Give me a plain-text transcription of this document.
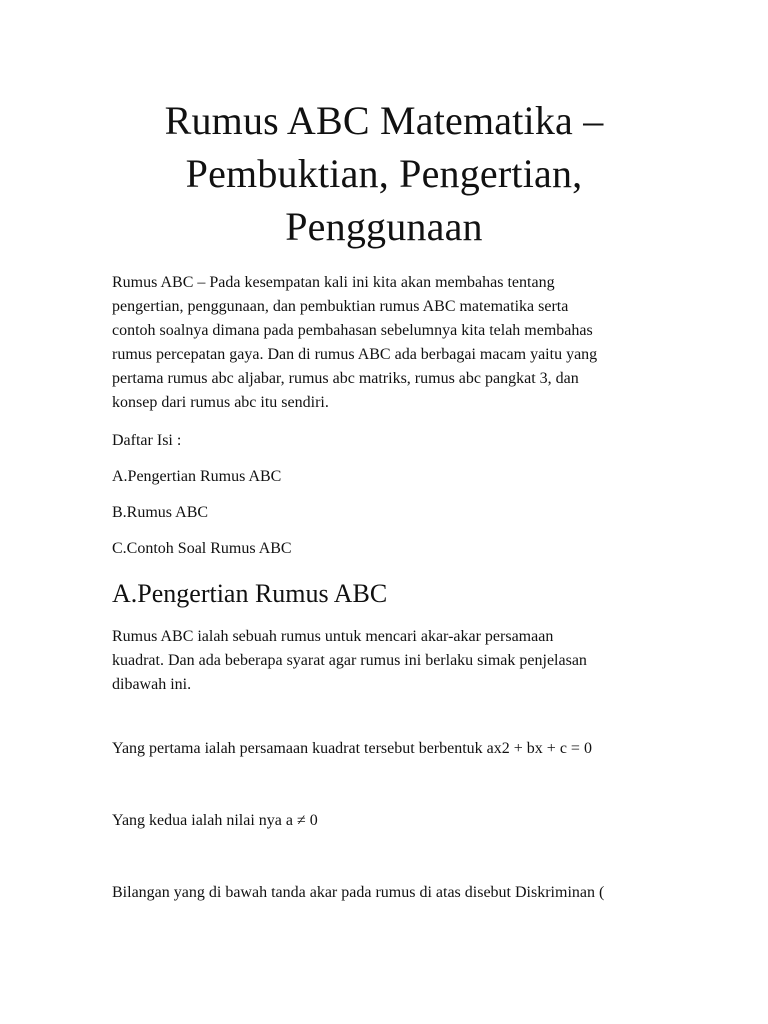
Rumus ABC Matematika –
Pembuktian, Pengertian,
Penggunaan

Rumus ABC – Pada kesempatan kali ini kita akan membahas tentang
pengertian, penggunaan, dan pembuktian rumus ABC matematika serta
contoh soalnya dimana pada pembahasan sebelumnya kita telah membahas
rumus percepatan gaya. Dan di rumus ABC ada berbagai macam yaitu yang
pertama rumus abc aljabar, rumus abc matriks, rumus abc pangkat 3, dan
konsep dari rumus abc itu sendiri.

Daftar Isi :

A.Pengertian Rumus ABC
B.Rumus ABC
C.Contoh Soal Rumus ABC
A.Pengertian Rumus ABC

Rumus ABC ialah sebuah rumus untuk mencari akar-akar persamaan
kuadrat. Dan ada beberapa syarat agar rumus ini berlaku simak penjelasan
dibawah ini.

Yang pertama ialah persamaan kuadrat tersebut berbentuk ax2 + bx + c = 0

Yang kedua ialah nilai nya a ≠ 0

Bilangan yang di bawah tanda akar pada rumus di atas disebut Diskriminan (
